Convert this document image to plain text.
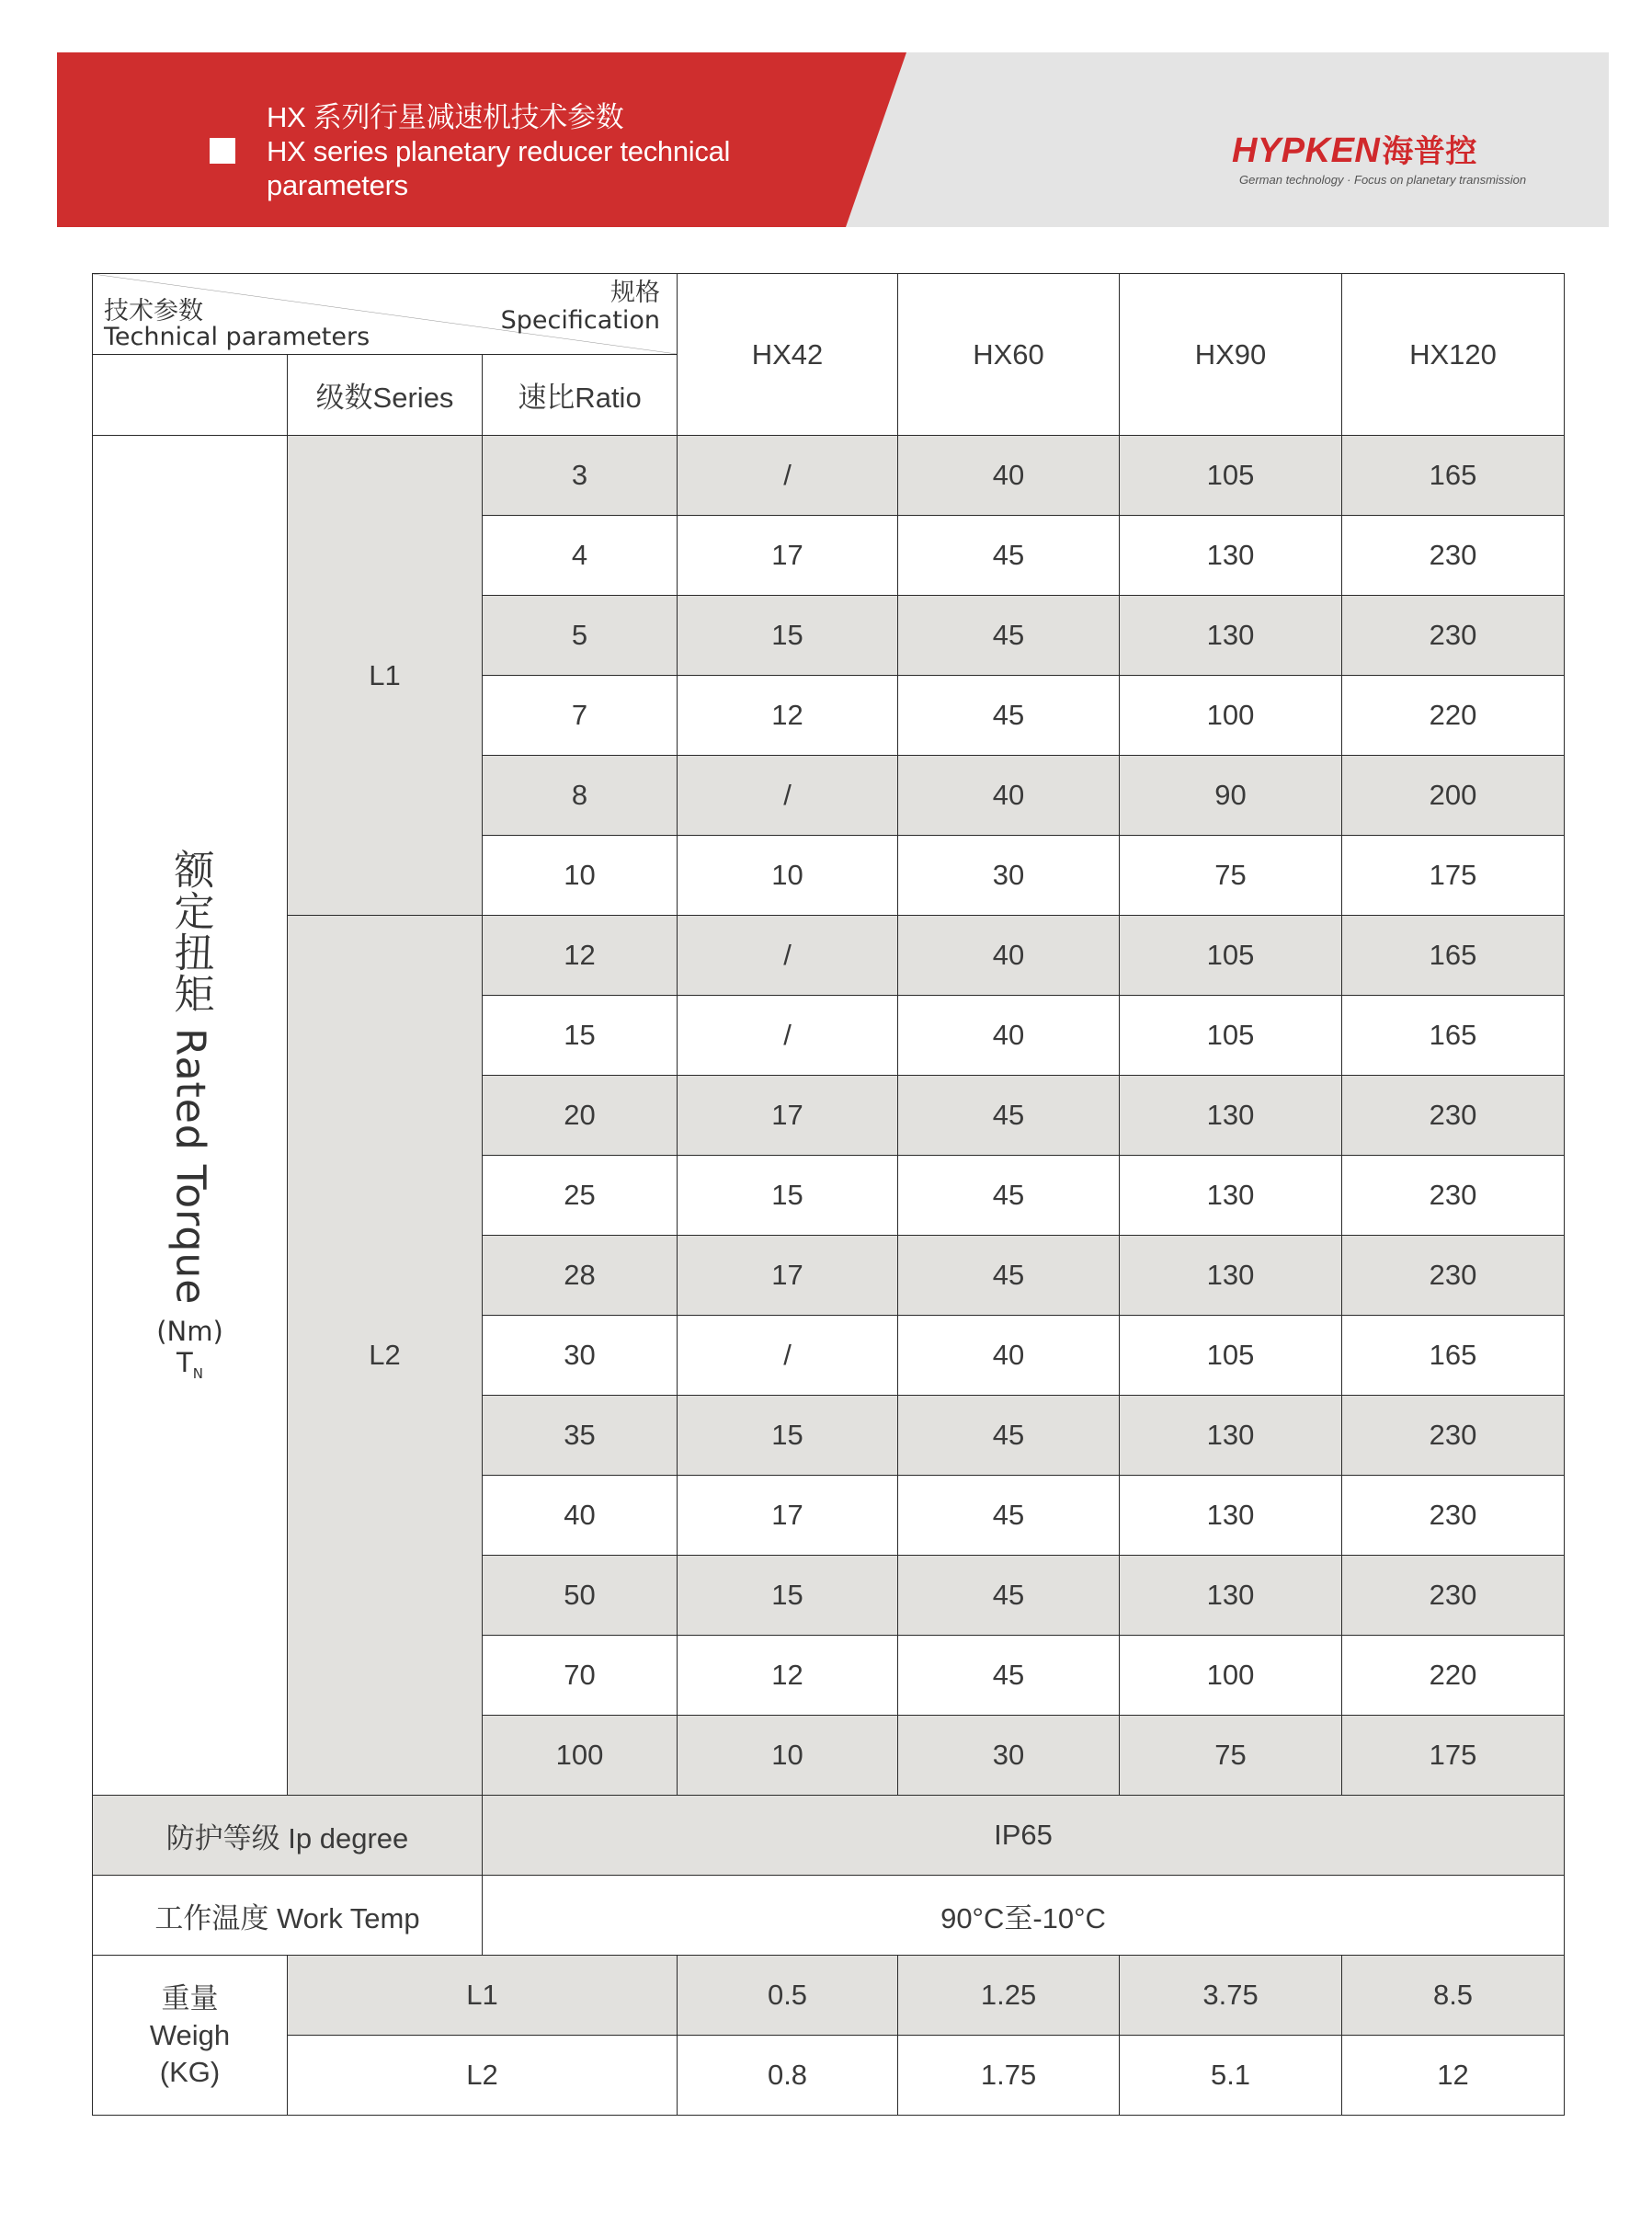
HX 系列行星减速机技术参数
HX series planetary reducer technical
parameters
HYPKEN海普控
German technology · Focus on planetary transmission
规格
Specification
技术参数
Technical parameters			HX42	HX60	HX90	HX120
	级数Series	速比Ratio				

额定扭矩 Rated Torque
(Nm)
$T_N$	L1	3	/	40	105	165
		4	17	45	130	230
		5	15	45	130	230
		7	12	45	100	220
		8	/	40	90	200
		10	10	30	75	175
	L2	12	/	40	105	165
		15	/	40	105	165
		20	17	45	130	230
		25	15	45	130	230
		28	17	45	130	230
		30	/	40	105	165
		35	15	45	130	230
		40	17	45	130	230
		50	15	45	130	230
		70	12	45	100	220
		100	10	30	75	175
防护等级 Ip degree		IP65				
工作温度 Work Temp		90°C至-10°C				

重量
Weigh
(KG)	L1		0.5	1.25	3.75	8.5
	L2		0.8	1.75	5.1	12
